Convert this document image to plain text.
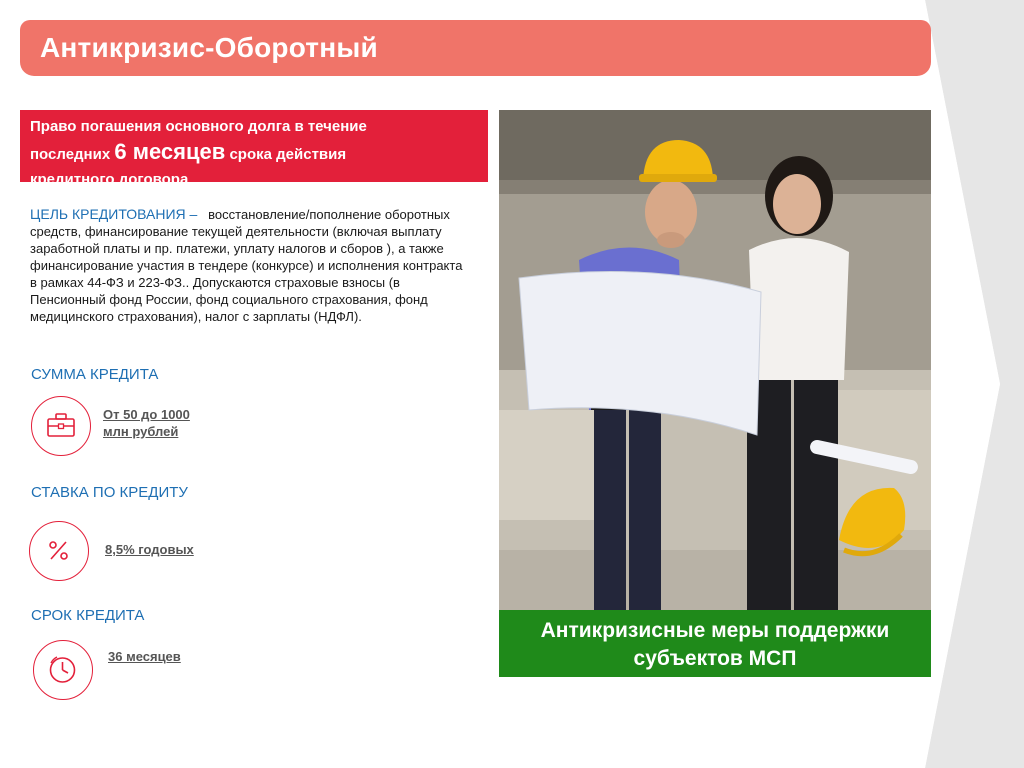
Антикризис-Оборотный
Право погашения основного долга в течение
последних 6 месяцев срока действия
кредитного договора
ЦЕЛЬ КРЕДИТОВАНИЯ – восстановление/пополнение оборотных средств, финансирование текущей деятельности (включая выплату заработной платы и пр. платежи, уплату налогов и сборов ), а также финансирование участия в тендере (конкурсе) и исполнения контракта в рамках 44-ФЗ и 223-ФЗ.. Допускаются страховые взносы (в Пенсионный фонд России, фонд социального страхования, фонд медицинского страхования), налог с зарплаты (НДФЛ).
СУММА КРЕДИТА
От 50 до 1000
млн рублей
СТАВКА ПО КРЕДИТУ
8,5% годовых
СРОК КРЕДИТА
36 месяцев
Антикризисные меры поддержки
субъектов МСП
